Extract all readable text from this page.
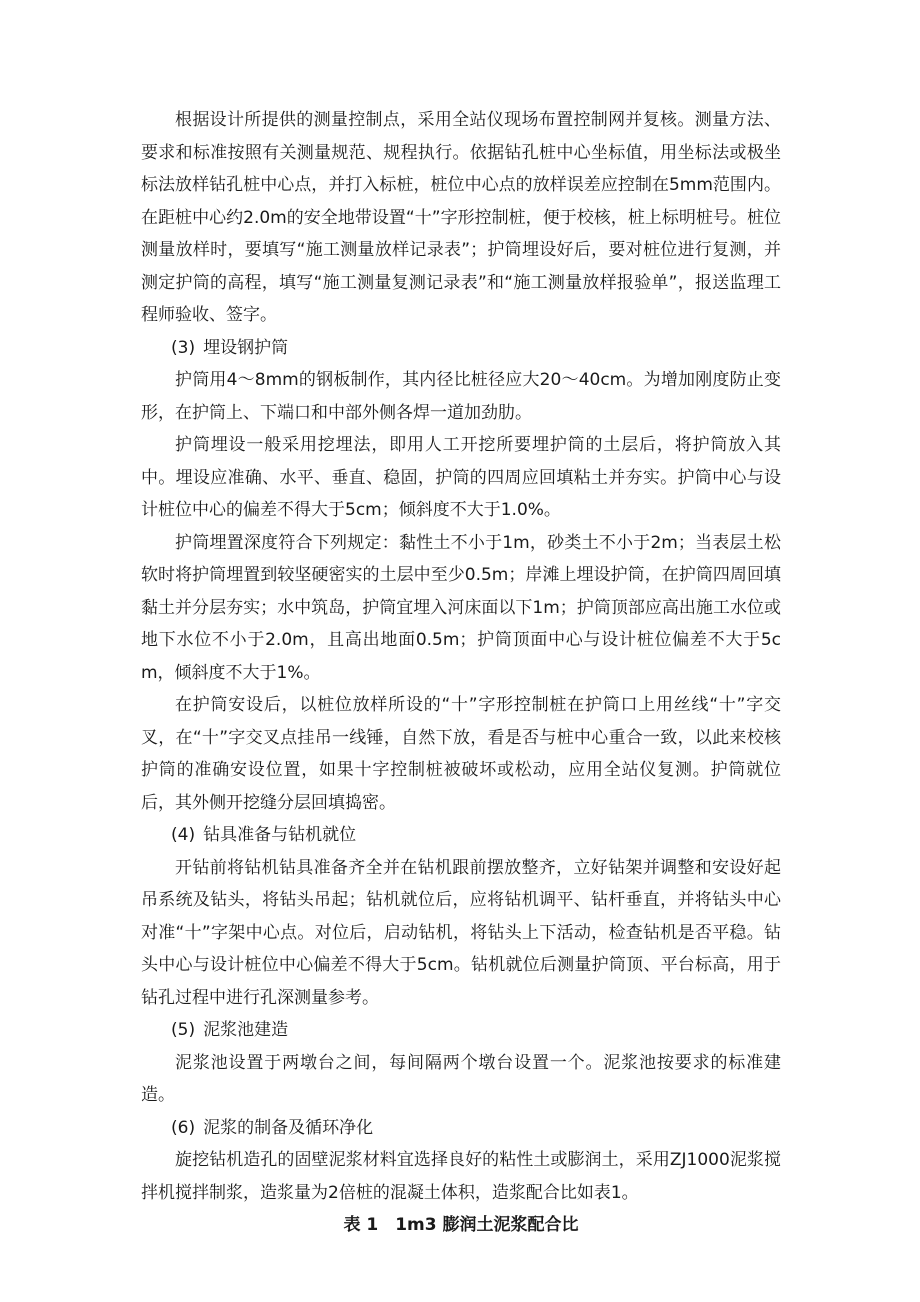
根据设计所提供的测量控制点，采用全站仪现场布置控制网并复核。测量方法、要求和标准按照有关测量规范、规程执行。依据钻孔桩中心坐标值，用坐标法或极坐标法放样钻孔桩中心点，并打入标桩，桩位中心点的放样误差应控制在5mm范围内。在距桩中心约2.0m的安全地带设置“十”字形控制桩，便于校核，桩上标明桩号。桩位测量放样时，要填写“施工测量放样记录表”；护筒埋设好后，要对桩位进行复测，并测定护筒的高程，填写“施工测量复测记录表”和“施工测量放样报验单”，报送监理工程师验收、签字。

(3) 埋设钢护筒

护筒用4～8mm的钢板制作，其内径比桩径应大20～40cm。为增加刚度防止变形，在护筒上、下端口和中部外侧各焊一道加劲肋。

护筒埋设一般采用挖埋法，即用人工开挖所要埋护筒的土层后，将护筒放入其中。埋设应准确、水平、垂直、稳固，护筒的四周应回填粘土并夯实。护筒中心与设计桩位中心的偏差不得大于5cm；倾斜度不大于1.0%。

护筒埋置深度符合下列规定：黏性土不小于1m，砂类土不小于2m；当表层土松软时将护筒埋置到较坚硬密实的土层中至少0.5m；岸滩上埋设护筒，在护筒四周回填黏土并分层夯实；水中筑岛，护筒宜埋入河床面以下1m；护筒顶部应高出施工水位或地下水位不小于2.0m，且高出地面0.5m；护筒顶面中心与设计桩位偏差不大于5cm，倾斜度不大于1%。

在护筒安设后，以桩位放样所设的“十”字形控制桩在护筒口上用丝线“十”字交叉，在“十”字交叉点挂吊一线锤，自然下放，看是否与桩中心重合一致，以此来校核护筒的准确安设位置，如果十字控制桩被破坏或松动，应用全站仪复测。护筒就位后，其外侧开挖缝分层回填捣密。

(4) 钻具准备与钻机就位

开钻前将钻机钻具准备齐全并在钻机跟前摆放整齐，立好钻架并调整和安设好起吊系统及钻头，将钻头吊起；钻机就位后，应将钻机调平、钻杆垂直，并将钻头中心对准“十”字架中心点。对位后，启动钻机，将钻头上下活动，检查钻机是否平稳。钻头中心与设计桩位中心偏差不得大于5cm。钻机就位后测量护筒顶、平台标高，用于钻孔过程中进行孔深测量参考。

(5) 泥浆池建造

泥浆池设置于两墩台之间，每间隔两个墩台设置一个。泥浆池按要求的标准建造。

(6) 泥浆的制备及循环净化

旋挖钻机造孔的固壁泥浆材料宜选择良好的粘性土或膨润土，采用ZJ1000泥浆搅拌机搅拌制浆，造浆量为2倍桩的混凝土体积，造浆配合比如表1。

表 1　1m3 膨润土泥浆配合比
